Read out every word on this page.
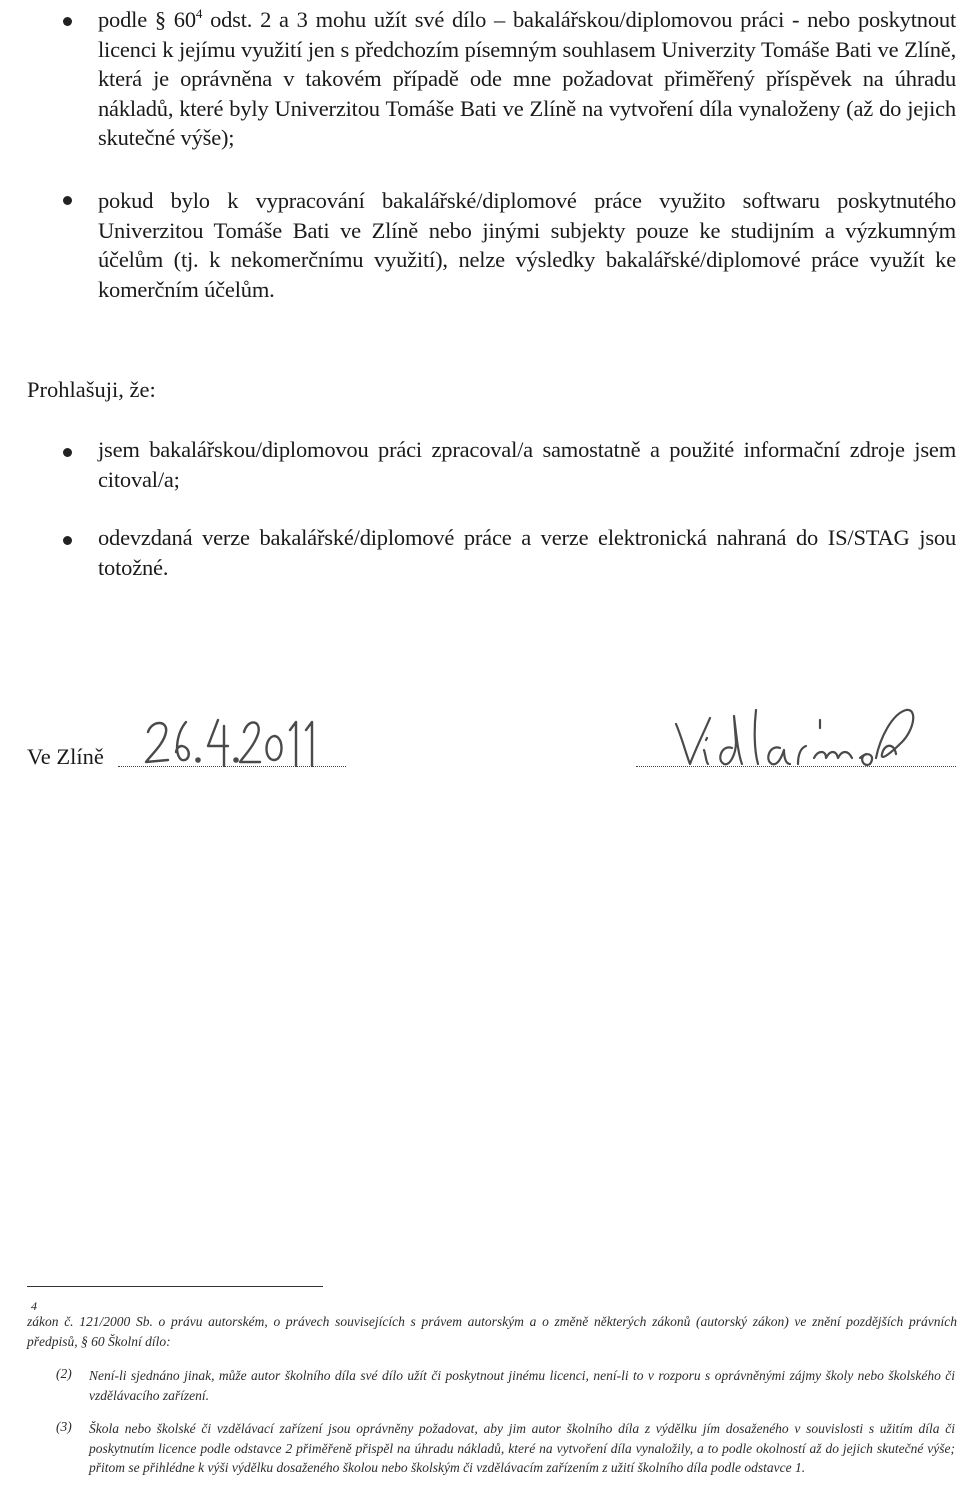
podle § $60^4$ odst. 2 a 3 mohu užít své dílo – bakalářskou/diplomovou práci - nebo poskytnout licenci k jejímu využití jen s předchozím písemným souhlasem Univerzity Tomáše Bati ve Zlíně, která je oprávněna v takovém případě ode mne požadovat přiměřený příspěvek na úhradu nákladů, které byly Univerzitou Tomáše Bati ve Zlíně na vytvoření díla vynaloženy (až do jejich skutečné výše);
pokud bylo k vypracování bakalářské/diplomové práce využito softwaru poskytnutého Univerzitou Tomáše Bati ve Zlíně nebo jinými subjekty pouze ke studijním a výzkumným účelům (tj. k nekomerčnímu využití), nelze výsledky bakalářské/diplomové práce využít ke komerčním účelům.
Prohlašuji, že:
jsem bakalářskou/diplomovou práci zpracoval/a samostatně a použité informační zdroje jsem citoval/a;
odevzdaná verze bakalářské/diplomové práce a verze elektronická nahraná do IS/STAG jsou totožné.
Ve Zlíně
4
zákon č. 121/2000 Sb. o právu autorském, o právech souvisejících s právem autorským a o změně některých zákonů (autorský zákon) ve znění pozdějších právních předpisů, § 60 Školní dílo:
(2) Není-li sjednáno jinak, může autor školního díla své dílo užít či poskytnout jinému licenci, není-li to v rozporu s oprávněnými zájmy školy nebo školského či vzdělávacího zařízení.
(3) Škola nebo školské či vzdělávací zařízení jsou oprávněny požadovat, aby jim autor školního díla z výdělku jím dosaženého v souvislosti s užitím díla či poskytnutím licence podle odstavce 2 přiměřeně přispěl na úhradu nákladů, které na vytvoření díla vynaložily, a to podle okolností až do jejich skutečné výše; přitom se přihlédne k výši výdělku dosaženého školou nebo školským či vzdělávacím zařízením z užití školního díla podle odstavce 1.
